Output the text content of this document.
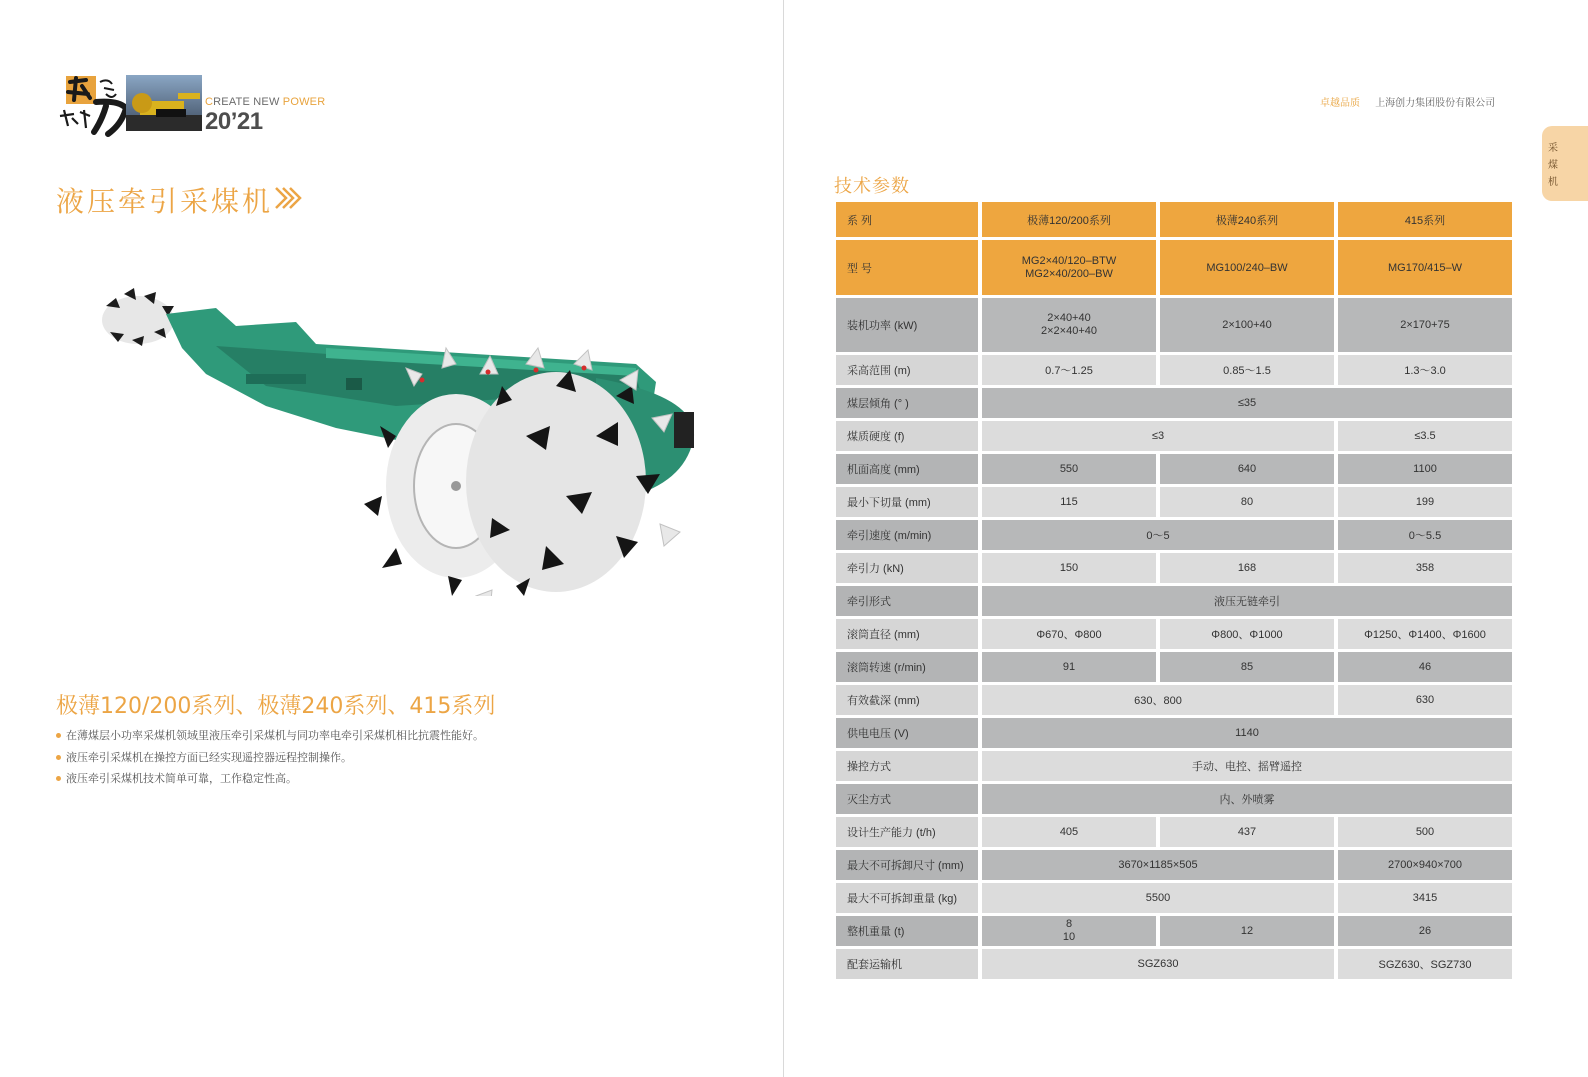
CREATE NEW POWER
20’21
液压牵引采煤机
极薄120/200系列、极薄240系列、415系列
在薄煤层小功率采煤机领域里液压牵引采煤机与同功率电牵引采煤机相比抗震性能好。
液压牵引采煤机在操控方面已经实现遥控器远程控制操作。
液压牵引采煤机技术简单可靠，工作稳定性高。
卓越品质 上海创力集团股份有限公司
采
煤
机
技术参数
系 列	极薄120/200系列	极薄240系列	415系列
型 号	MG2×40/120–BTW
MG2×40/200–BW	MG100/240–BW	MG170/415–W
装机功率 (kW)	2×40+40
2×2×40+40	2×100+40	2×170+75
采高范围 (m)	0.7～1.25	0.85～1.5	1.3～3.0
煤层倾角 (° )	≤35		
煤质硬度 (f)	≤3		≤3.5
机面高度 (mm)	550	640	1100
最小下切量 (mm)	115	80	199
牵引速度 (m/min)	0～5		0～5.5
牵引力 (kN)	150	168	358
牵引形式	液压无链牵引		
滚筒直径 (mm)	Φ670、Φ800	Φ800、Φ1000	Φ1250、Φ1400、Φ1600
滚筒转速 (r/min)	91	85	46
有效截深 (mm)	630、800		630
供电电压 (V)	1140		
操控方式	手动、电控、摇臂遥控		
灭尘方式	内、外喷雾		
设计生产能力 (t/h)	405	437	500
最大不可拆卸尺寸 (mm)	3670×1185×505		2700×940×700
最大不可拆卸重量 (kg)	5500		3415
整机重量 (t)	8
10	12	26
配套运输机	SGZ630		SGZ630、SGZ730
